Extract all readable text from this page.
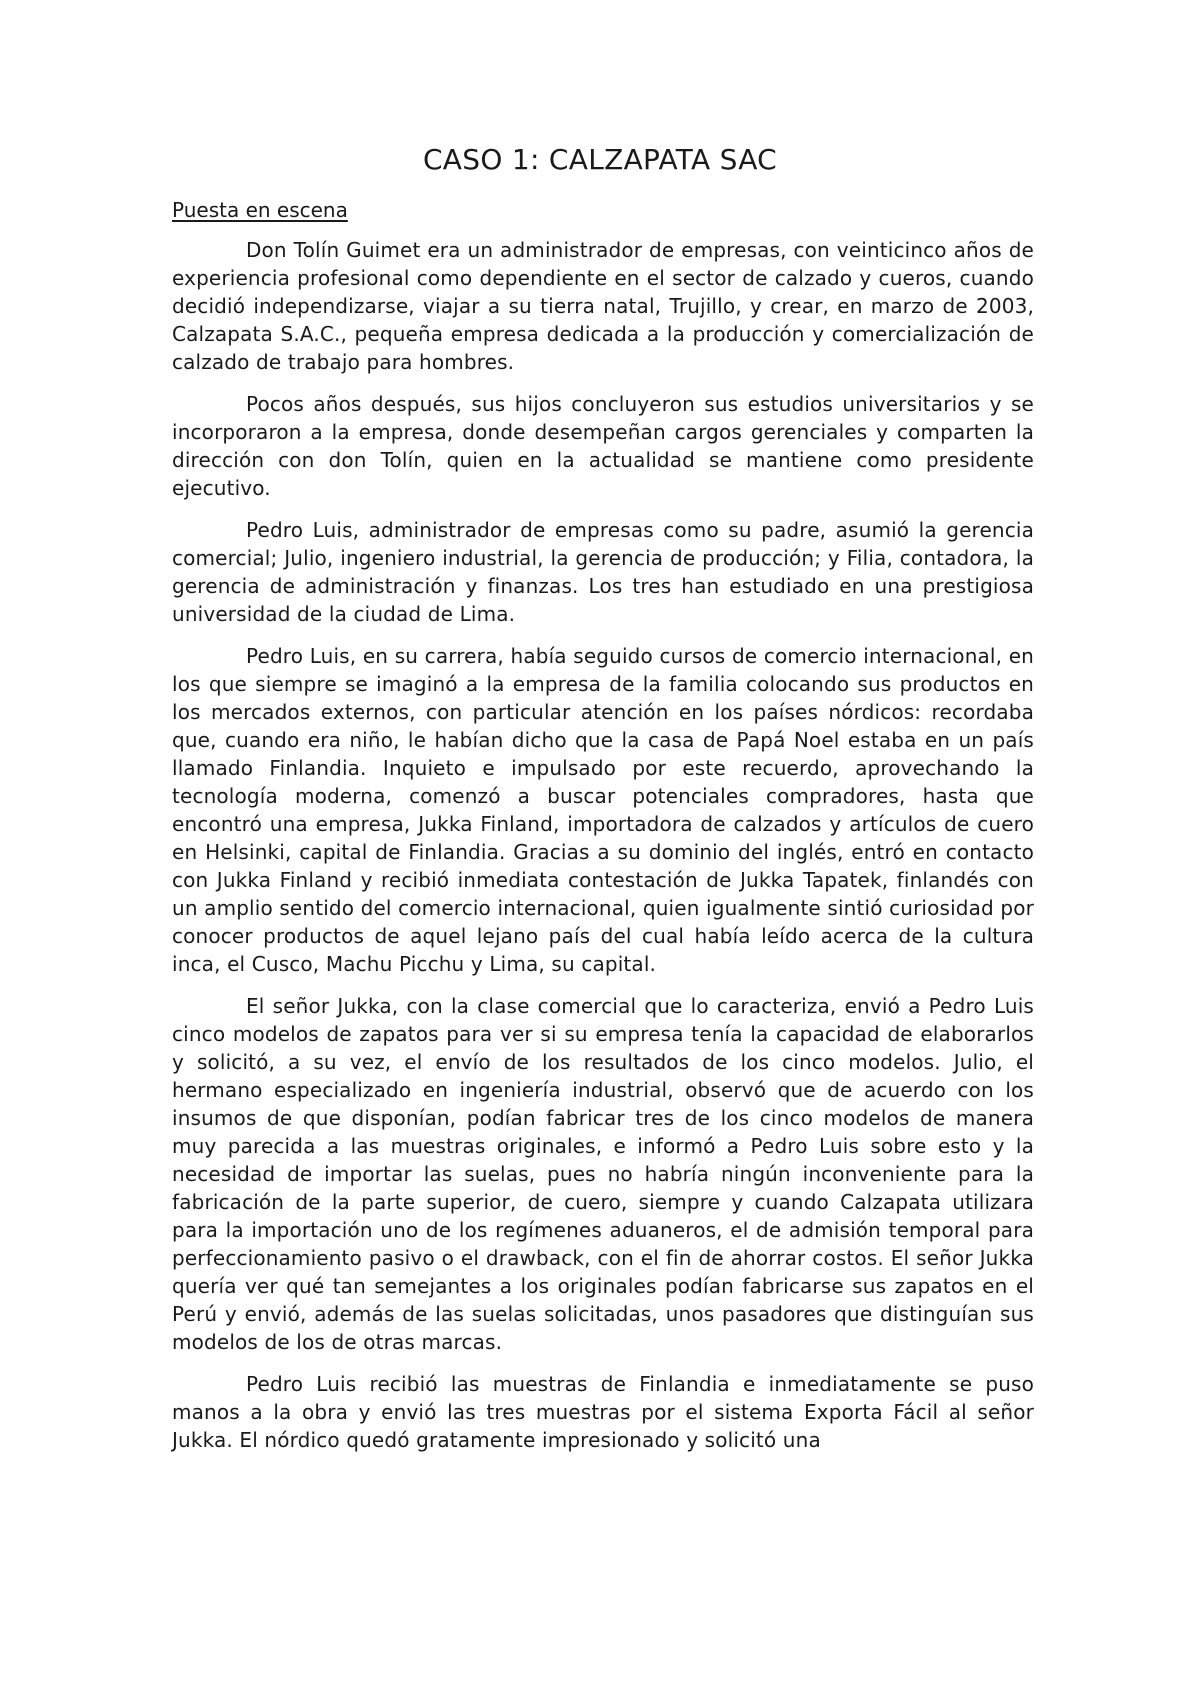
CASO 1: CALZAPATA SAC
Puesta en escena

Don Tolín Guimet era un administrador de empresas, con veinticinco años de experiencia profesional como dependiente en el sector de calzado y cueros, cuando decidió independizarse, viajar a su tierra natal, Trujillo, y crear, en marzo de 2003, Calzapata S.A.C., pequeña empresa dedicada a la producción y comercialización de calzado de trabajo para hombres.

Pocos años después, sus hijos concluyeron sus estudios universitarios y se incorporaron a la empresa, donde desempeñan cargos gerenciales y comparten la dirección con don Tolín, quien en la actualidad se mantiene como presidente ejecutivo.

Pedro Luis, administrador de empresas como su padre, asumió la gerencia comercial; Julio, ingeniero industrial, la gerencia de producción; y Filia, contadora, la gerencia de administración y finanzas. Los tres han estudiado en una prestigiosa universidad de la ciudad de Lima.

Pedro Luis, en su carrera, había seguido cursos de comercio internacional, en los que siempre se imaginó a la empresa de la familia colocando sus productos en los mercados externos, con particular atención en los países nórdicos: recordaba que, cuando era niño, le habían dicho que la casa de Papá Noel estaba en un país llamado Finlandia. Inquieto e impulsado por este recuerdo, aprovechando la tecnología moderna, comenzó a buscar potenciales compradores, hasta que encontró una empresa, Jukka Finland, importadora de calzados y artículos de cuero en Helsinki, capital de Finlandia. Gracias a su dominio del inglés, entró en contacto con Jukka Finland y recibió inmediata contestación de Jukka Tapatek, finlandés con un amplio sentido del comercio internacional, quien igualmente sintió curiosidad por conocer productos de aquel lejano país del cual había leído acerca de la cultura inca, el Cusco, Machu Picchu y Lima, su capital.

El señor Jukka, con la clase comercial que lo caracteriza, envió a Pedro Luis cinco modelos de zapatos para ver si su empresa tenía la capacidad de elaborarlos y solicitó, a su vez, el envío de los resultados de los cinco modelos. Julio, el hermano especializado en ingeniería industrial, observó que de acuerdo con los insumos de que disponían, podían fabricar tres de los cinco modelos de manera muy parecida a las muestras originales, e informó a Pedro Luis sobre esto y la necesidad de importar las suelas, pues no habría ningún inconveniente para la fabricación de la parte superior, de cuero, siempre y cuando Calzapata utilizara para la importación uno de los regímenes aduaneros, el de admisión temporal para perfeccionamiento pasivo o el drawback, con el fin de ahorrar costos. El señor Jukka quería ver qué tan semejantes a los originales podían fabricarse sus zapatos en el Perú y envió, además de las suelas solicitadas, unos pasadores que distinguían sus modelos de los de otras marcas.

Pedro Luis recibió las muestras de Finlandia e inmediatamente se puso manos a la obra y envió las tres muestras por el sistema Exporta Fácil al señor Jukka. El nórdico quedó gratamente impresionado y solicitó una
